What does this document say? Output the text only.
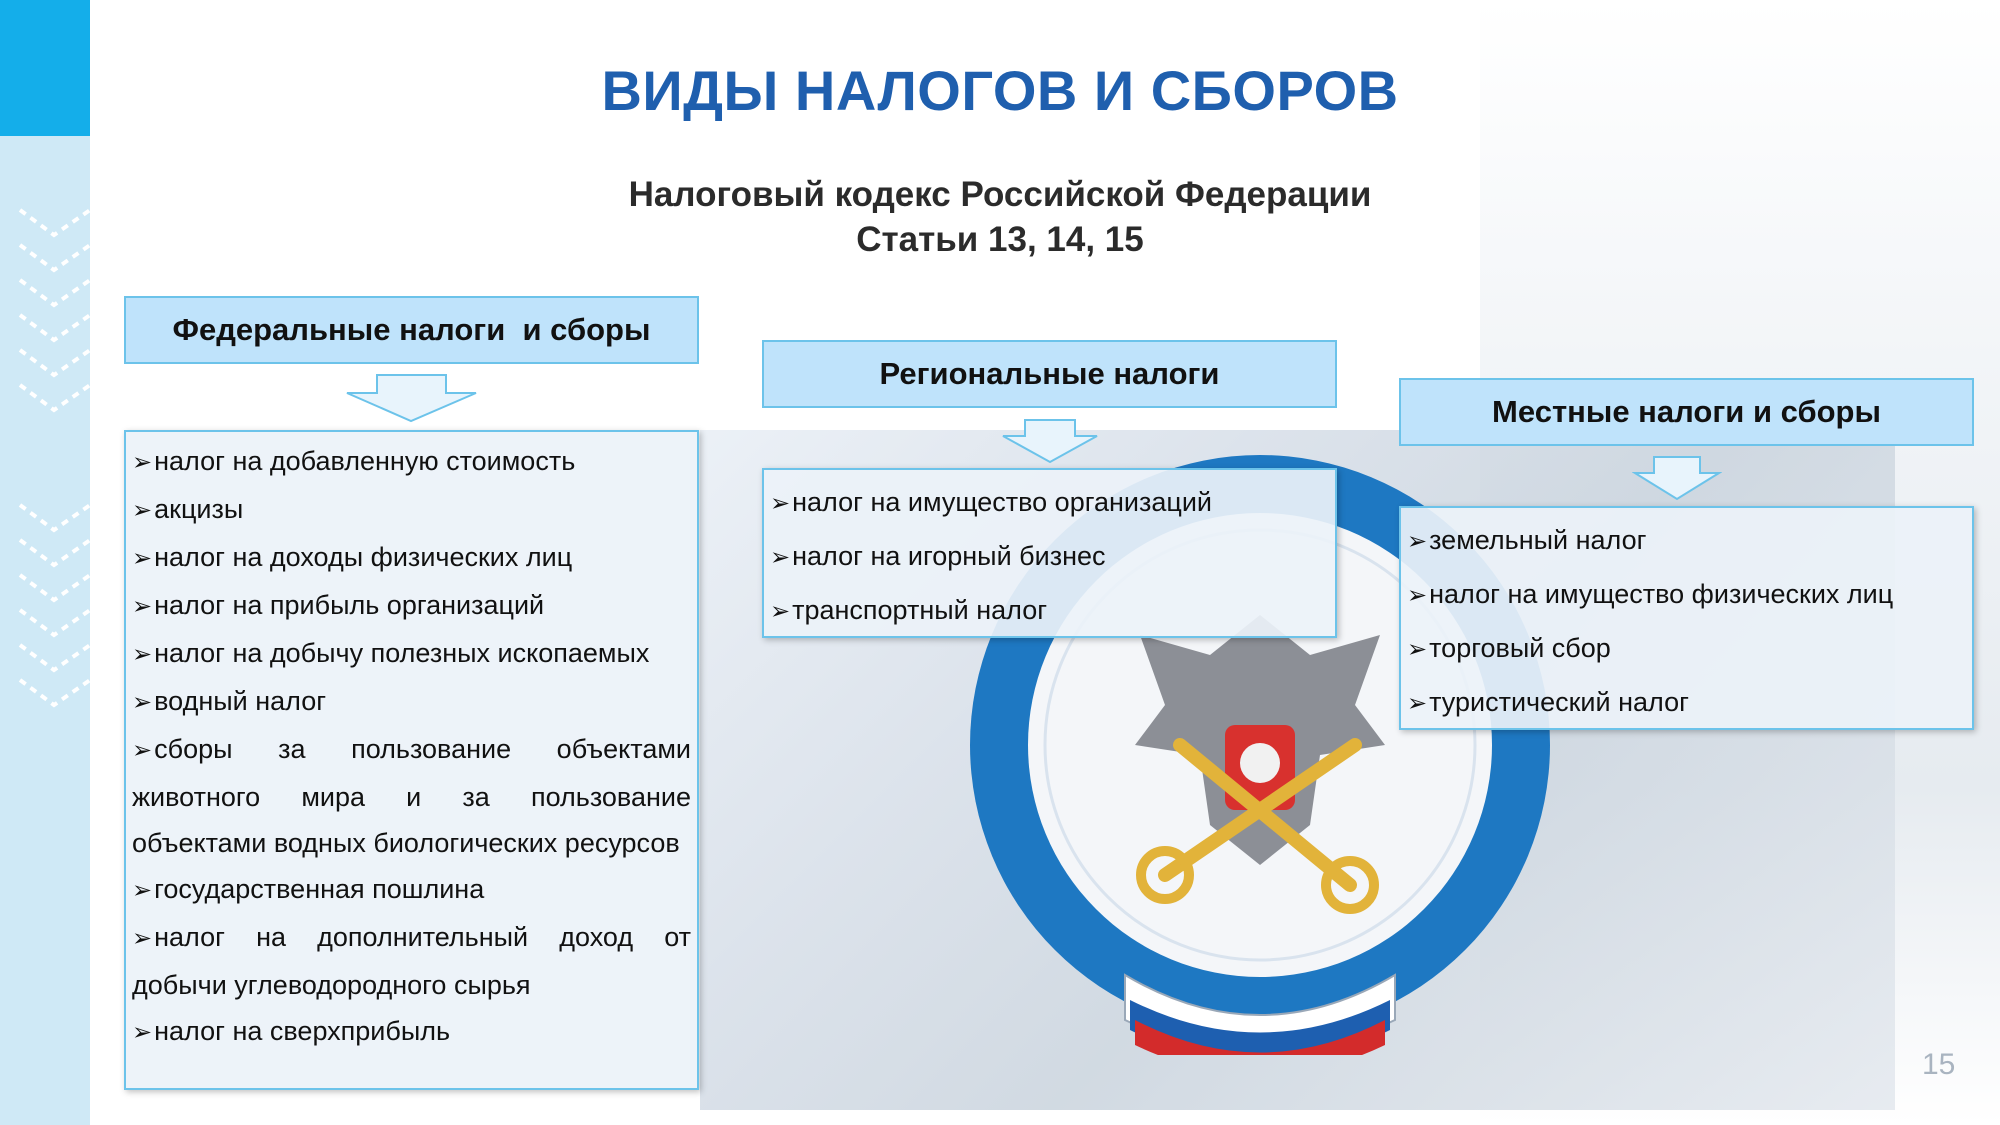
ВИДЫ НАЛОГОВ И СБОРОВ
Налоговый кодекс Российской Федерации
Статьи 13, 14, 15
Федеральные налоги  и сборы
➢ налог на добавленную стоимость
➢ акцизы
➢ налог на доходы физических лиц
➢ налог на прибыль организаций
➢ налог на добычу полезных ископаемых
➢ водный налог
➢ сборы за пользование объектами животного мира и за пользование объектами водных биологических ресурсов
➢ государственная пошлина
➢ налог на дополнительный доход от добычи углеводородного сырья
➢ налог на сверхприбыль
Региональные налоги
➢ налог на имущество организаций
➢ налог на игорный бизнес
➢ транспортный налог
Местные налоги и сборы
➢ земельный налог
➢ налог на имущество физических лиц
➢ торговый сбор
➢ туристический налог
15
